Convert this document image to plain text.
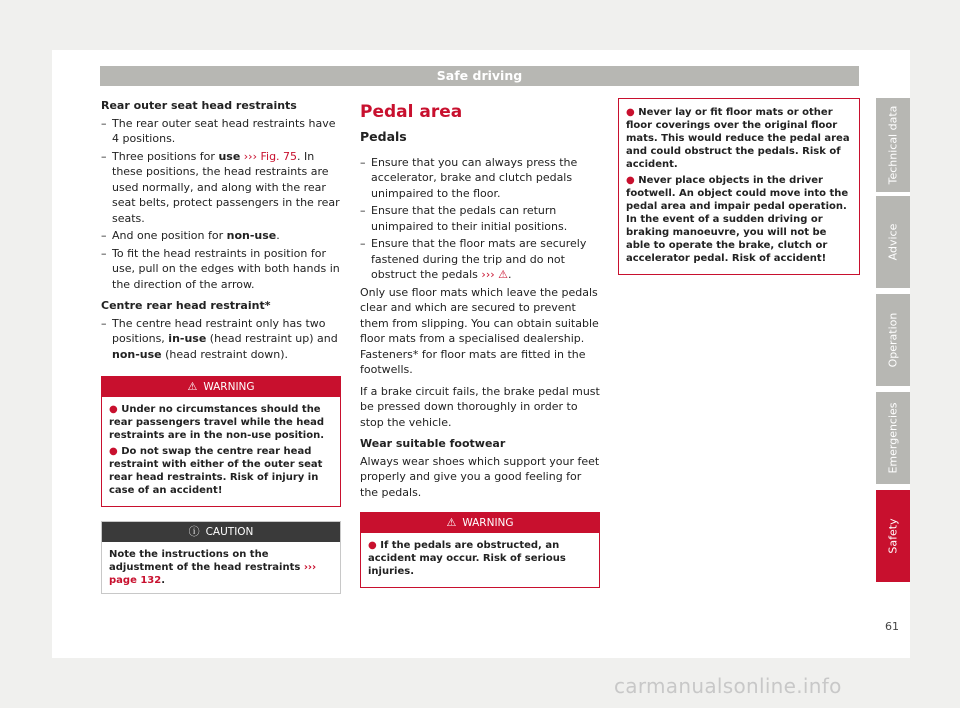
Safe driving
Rear outer seat head restraints
– The rear outer seat head restraints have 4 positions.
– Three positions for use ››› Fig. 75. In these positions, the head restraints are used normally, and along with the rear seat belts, protect passengers in the rear seats.
– And one position for non-use.
– To fit the head restraints in position for use, pull on the edges with both hands in the direction of the arrow.
Centre rear head restraint*
– The centre head restraint only has two positions, in-use (head restraint up) and non-use (head restraint down).
⚠ WARNING

● Under no circumstances should the rear passengers travel while the head restraints are in the non-use position.

● Do not swap the centre rear head restraint with either of the outer seat rear head restraints. Risk of injury in case of an accident!

ⓘ CAUTION
Note the instructions on the adjustment of the head restraints ››› page 132.
Pedal area
Pedals
– Ensure that you can always press the accelerator, brake and clutch pedals unimpaired to the floor.
– Ensure that the pedals can return unimpaired to their initial positions.
– Ensure that the floor mats are securely fastened during the trip and do not obstruct the pedals ››› ⚠.

Only use floor mats which leave the pedals clear and which are secured to prevent them from slipping. You can obtain suitable floor mats from a specialised dealership. Fasteners* for floor mats are fitted in the footwells.

If a brake circuit fails, the brake pedal must be pressed down thoroughly in order to stop the vehicle.

Wear suitable footwear

Always wear shoes which support your feet properly and give you a good feeling for the pedals.

⚠ WARNING

● If the pedals are obstructed, an accident may occur. Risk of serious injuries.

● Never lay or fit floor mats or other floor coverings over the original floor mats. This would reduce the pedal area and could obstruct the pedals. Risk of accident.

● Never place objects in the driver footwell. An object could move into the pedal area and impair pedal operation. In the event of a sudden driving or braking manoeuvre, you will not be able to operate the brake, clutch or accelerator pedal. Risk of accident!

Technical data
Advice
Operation
Emergencies
Safety
61
carmanualsonline.info
